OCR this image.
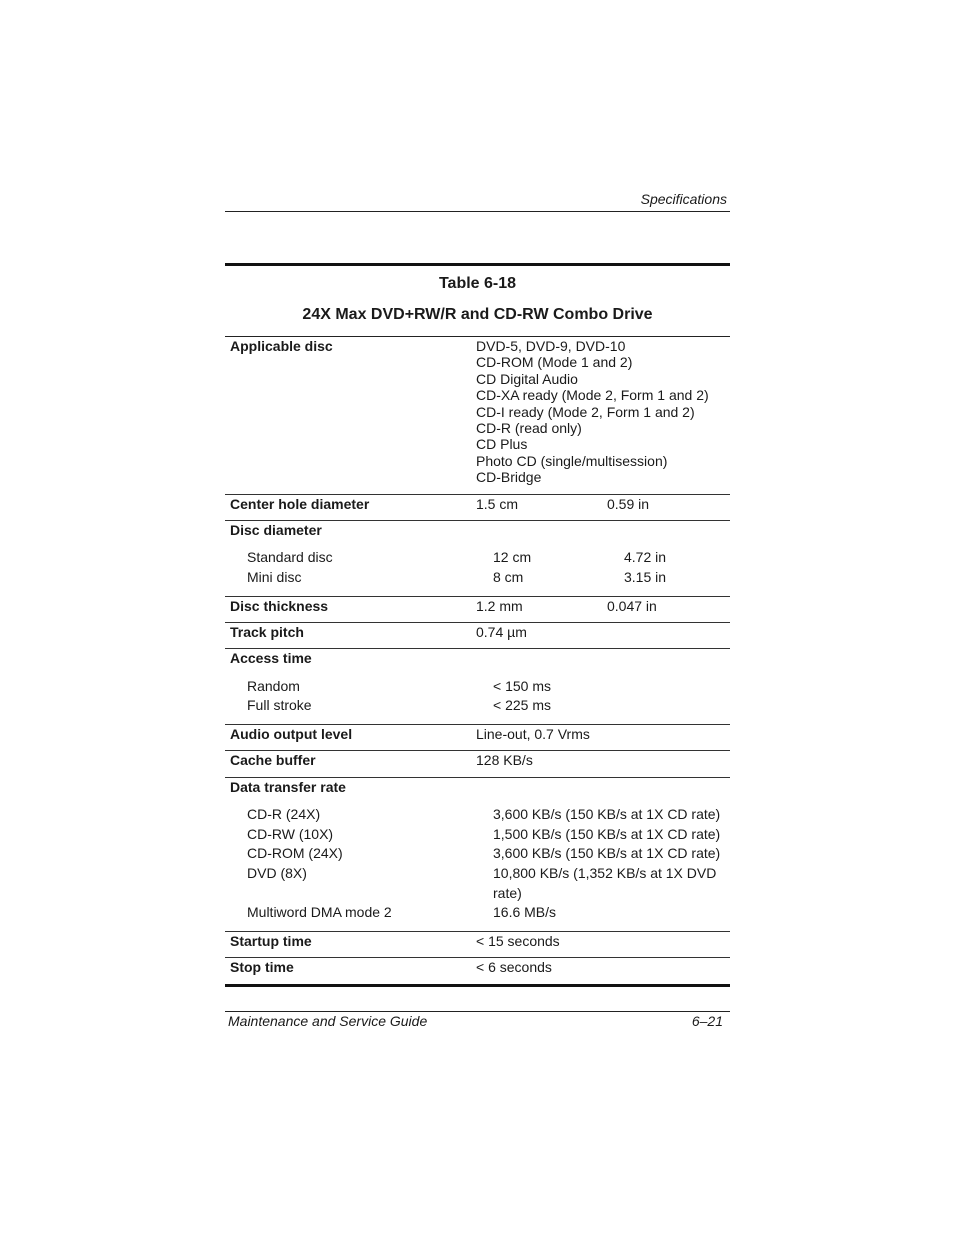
Specifications
Table 6-18
24X Max DVD+RW/R and CD-RW Combo Drive
Applicable disc	DVD-5, DVD-9, DVD-10
CD-ROM (Mode 1 and 2)
CD Digital Audio
CD-XA ready (Mode 2, Form 1 and 2)
CD-I ready (Mode 2, Form 1 and 2)
CD-R (read only)
CD Plus
Photo CD (single/multisession)
CD-Bridge
Center hole diameter	1.5 cm	0.59 in
Disc diameter
Standard disc	12 cm	4.72 in
Mini disc	8 cm	3.15 in
Disc thickness	1.2 mm	0.047 in
Track pitch	0.74 µm
Access time
Random	< 150 ms
Full stroke	< 225 ms
Audio output level	Line-out, 0.7 Vrms
Cache buffer	128 KB/s
Data transfer rate
CD-R (24X)	3,600 KB/s (150 KB/s at 1X CD rate)
CD-RW (10X)	1,500 KB/s (150 KB/s at 1X CD rate)
CD-ROM (24X)	3,600 KB/s (150 KB/s at 1X CD rate)
DVD (8X)	10,800 KB/s (1,352 KB/s at 1X DVD rate)
Multiword DMA mode 2	16.6 MB/s
Startup time	< 15 seconds
Stop time	< 6 seconds
Maintenance and Service Guide	6–21
